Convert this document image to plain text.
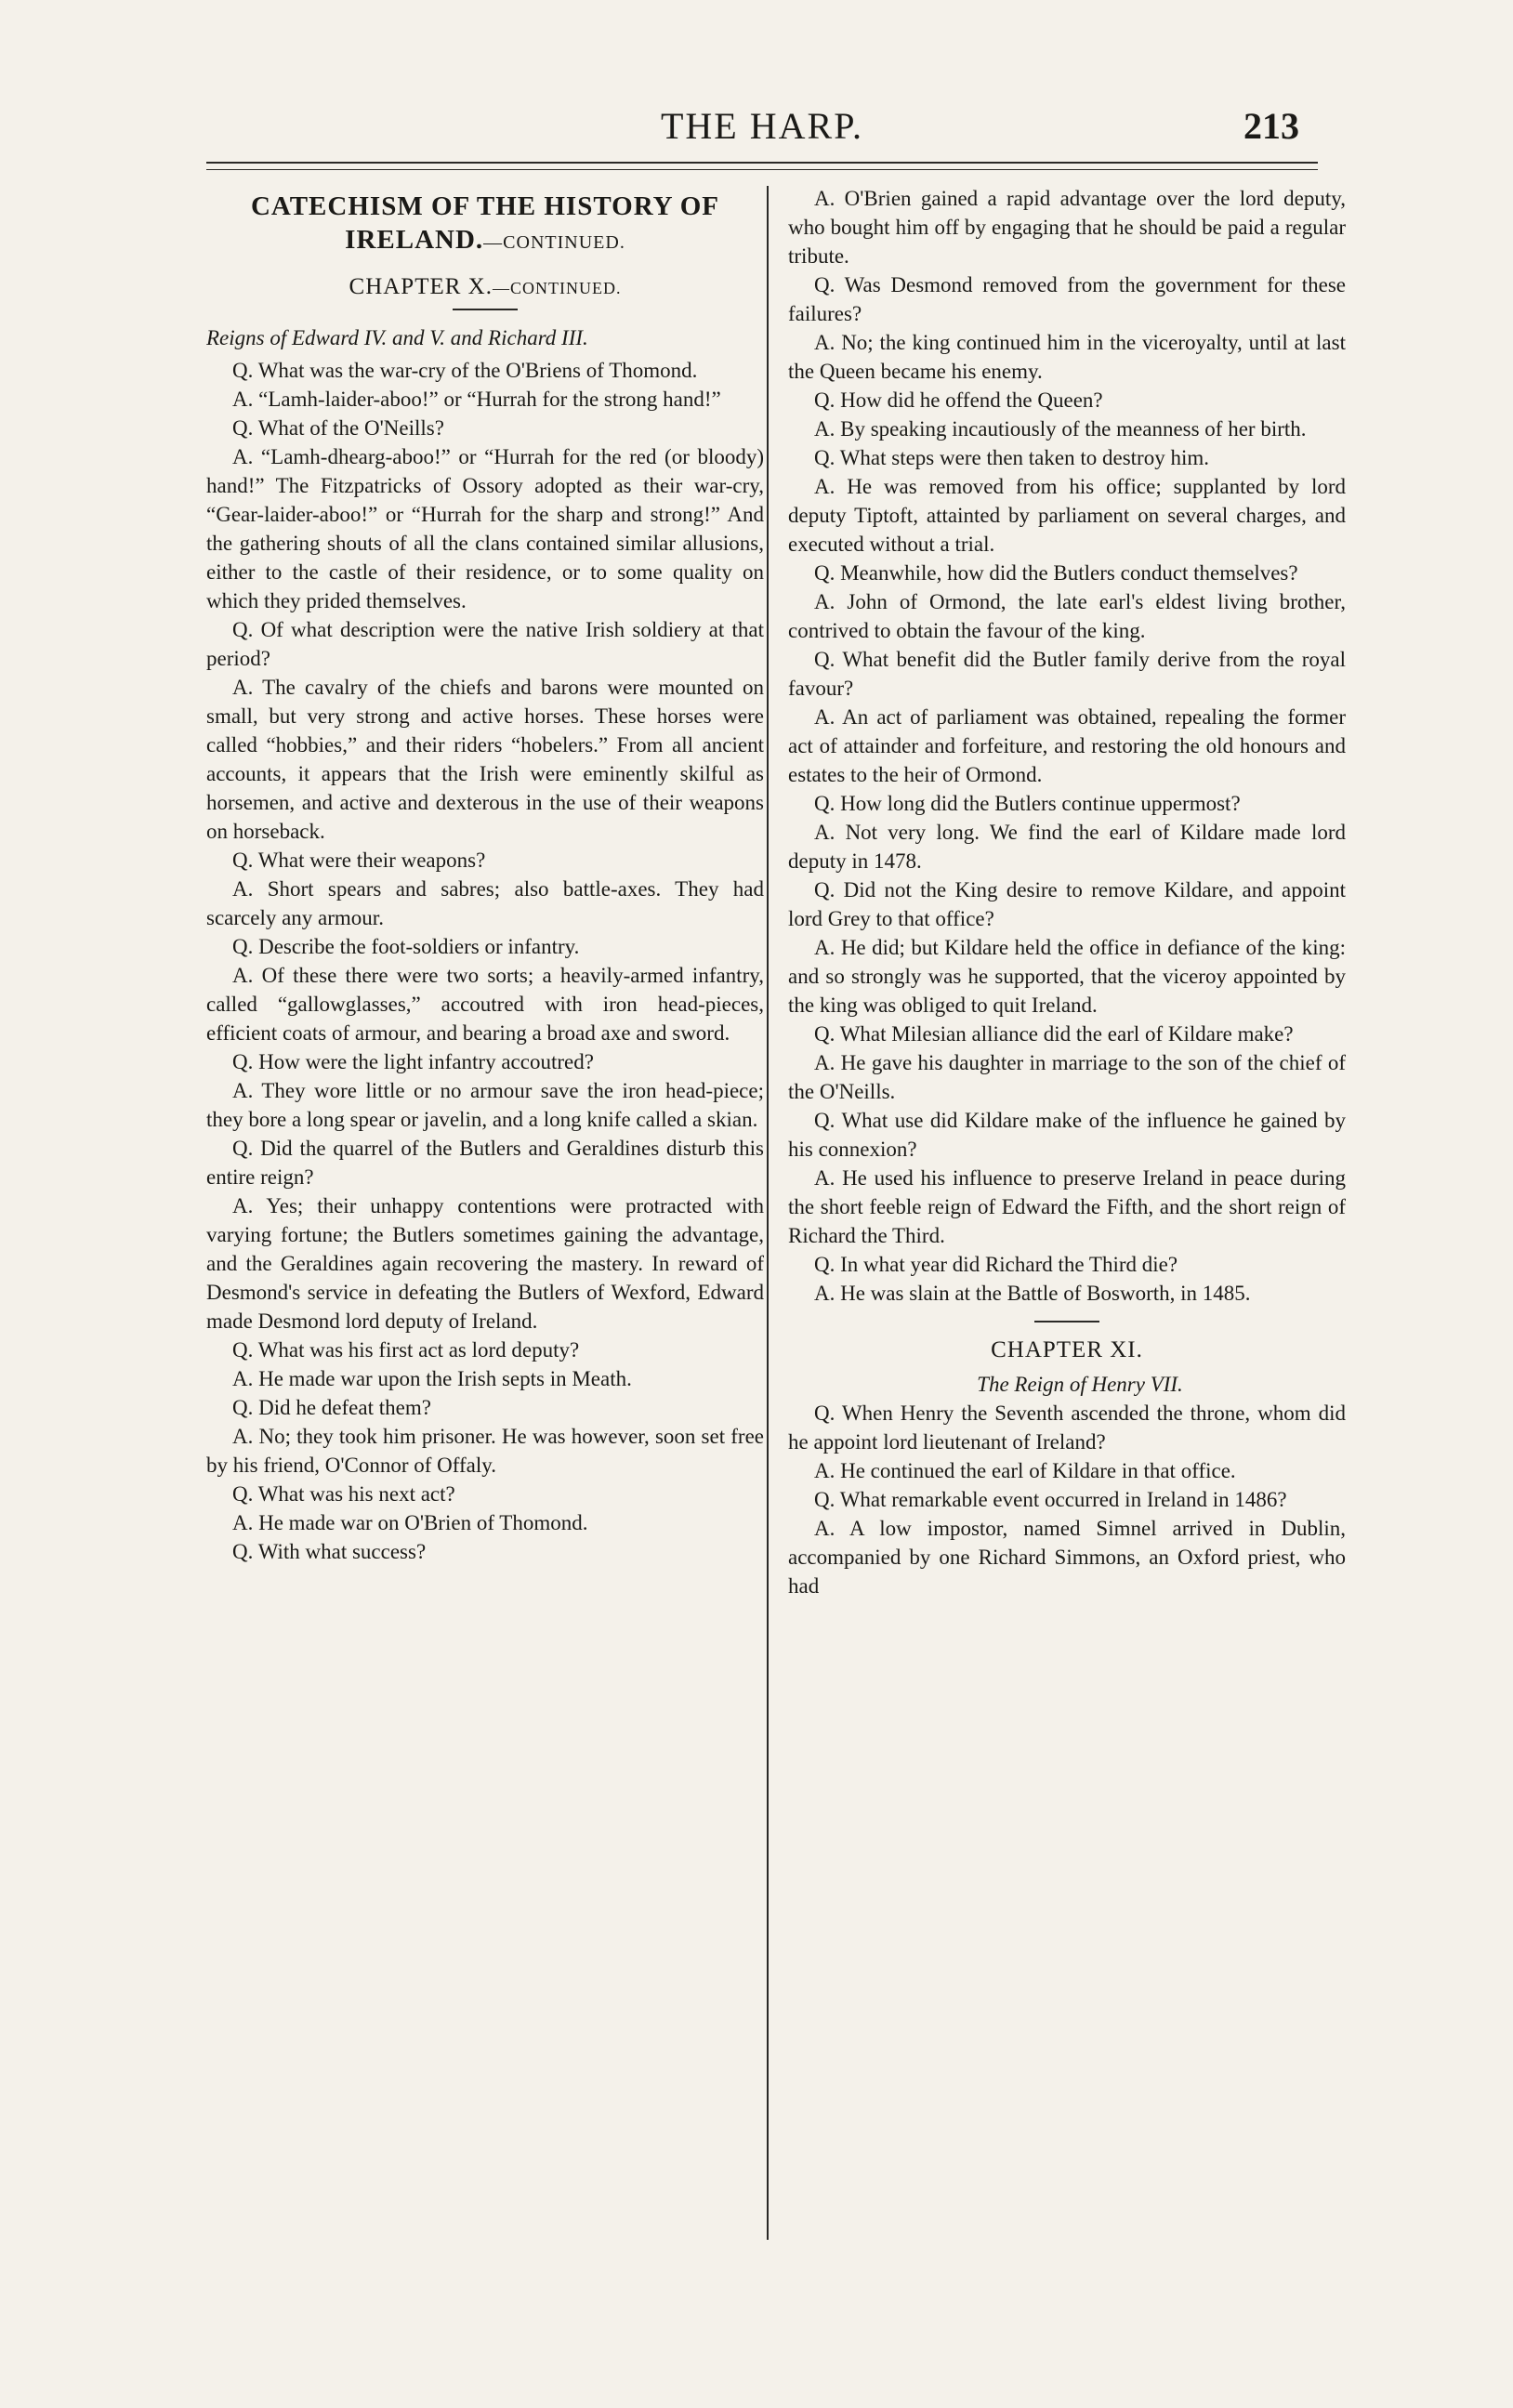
THE HARP.	213
CATECHISM OF THE HISTORY OF
IRELAND.—CONTINUED.
CHAPTER X.—CONTINUED.

Reigns of Edward IV. and V. and Richard III.

Q. What was the war-cry of the O'Briens of Thomond.

A. “Lamh-laider-aboo!” or “Hurrah for the strong hand!”

Q. What of the O'Neills?

A. “Lamh-dhearg-aboo!” or “Hurrah for the red (or bloody) hand!” The Fitzpatricks of Ossory adopted as their war-cry, “Gear-laider-aboo!” or “Hurrah for the sharp and strong!” And the gathering shouts of all the clans contained similar allusions, either to the castle of their residence, or to some quality on which they prided themselves.

Q. Of what description were the native Irish soldiery at that period?

A. The cavalry of the chiefs and barons were mounted on small, but very strong and active horses. These horses were called “hobbies,” and their riders “hobelers.” From all ancient accounts, it appears that the Irish were eminently skilful as horsemen, and active and dexterous in the use of their weapons on horseback.

Q. What were their weapons?

A. Short spears and sabres; also battle-axes. They had scarcely any armour.

Q. Describe the foot-soldiers or infantry.

A. Of these there were two sorts; a heavily-armed infantry, called “gallowglasses,” accoutred with iron head-pieces, efficient coats of armour, and bearing a broad axe and sword.

Q. How were the light infantry accoutred?

A. They wore little or no armour save the iron head-piece; they bore a long spear or javelin, and a long knife called a skian.

Q. Did the quarrel of the Butlers and Geraldines disturb this entire reign?

A. Yes; their unhappy contentions were protracted with varying fortune; the Butlers sometimes gaining the advantage, and the Geraldines again recovering the mastery. In reward of Desmond's service in defeating the Butlers of Wexford, Edward made Desmond lord deputy of Ireland.

Q. What was his first act as lord deputy?

A. He made war upon the Irish septs in Meath.

Q. Did he defeat them?

A. No; they took him prisoner. He was however, soon set free by his friend, O'Connor of Offaly.

Q. What was his next act?

A. He made war on O'Brien of Thomond.

Q. With what success?

A. O'Brien gained a rapid advantage over the lord deputy, who bought him off by engaging that he should be paid a regular tribute.

Q. Was Desmond removed from the government for these failures?

A. No; the king continued him in the viceroyalty, until at last the Queen became his enemy.

Q. How did he offend the Queen?

A. By speaking incautiously of the meanness of her birth.

Q. What steps were then taken to destroy him.

A. He was removed from his office; supplanted by lord deputy Tiptoft, attainted by parliament on several charges, and executed without a trial.

Q. Meanwhile, how did the Butlers conduct themselves?

A. John of Ormond, the late earl's eldest living brother, contrived to obtain the favour of the king.

Q. What benefit did the Butler family derive from the royal favour?

A. An act of parliament was obtained, repealing the former act of attainder and forfeiture, and restoring the old honours and estates to the heir of Ormond.

Q. How long did the Butlers continue uppermost?

A. Not very long. We find the earl of Kildare made lord deputy in 1478.

Q. Did not the King desire to remove Kildare, and appoint lord Grey to that office?

A. He did; but Kildare held the office in defiance of the king: and so strongly was he supported, that the viceroy appointed by the king was obliged to quit Ireland.

Q. What Milesian alliance did the earl of Kildare make?

A. He gave his daughter in marriage to the son of the chief of the O'Neills.

Q. What use did Kildare make of the influence he gained by his connexion?

A. He used his influence to preserve Ireland in peace during the short feeble reign of Edward the Fifth, and the short reign of Richard the Third.

Q. In what year did Richard the Third die?

A. He was slain at the Battle of Bosworth, in 1485.

CHAPTER XI.

The Reign of Henry VII.

Q. When Henry the Seventh ascended the throne, whom did he appoint lord lieutenant of Ireland?

A. He continued the earl of Kildare in that office.

Q. What remarkable event occurred in Ireland in 1486?

A. A low impostor, named Simnel arrived in Dublin, accompanied by one Richard Simmons, an Oxford priest, who had
